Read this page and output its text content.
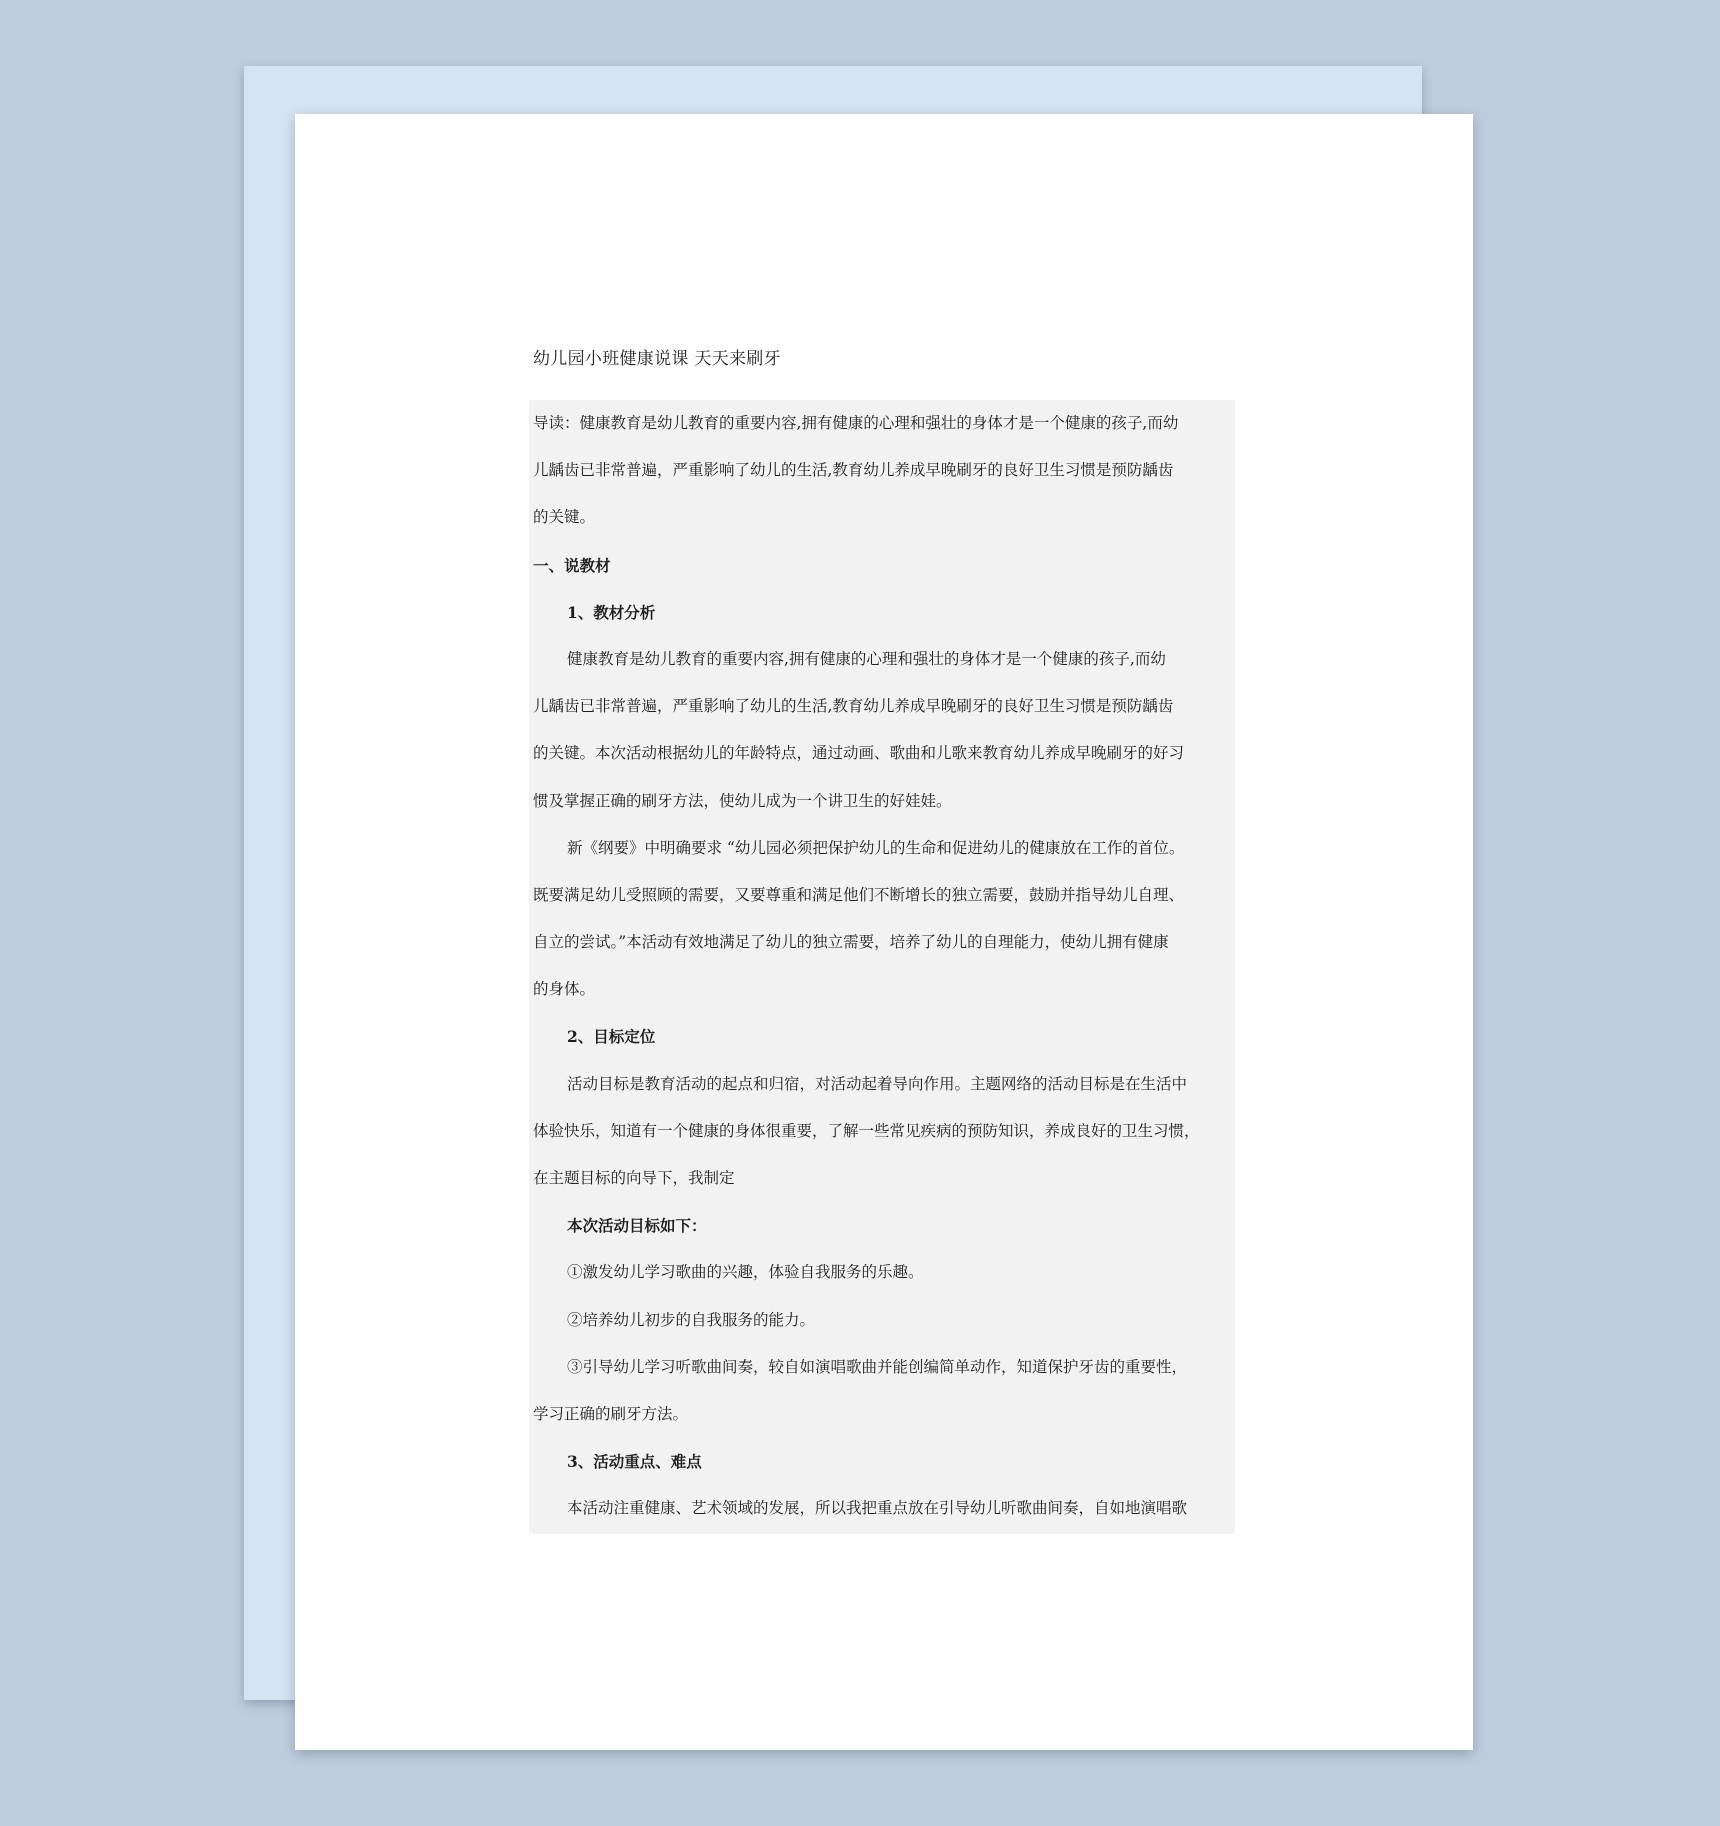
幼儿园小班健康说课 天天来刷牙
导读：健康教育是幼儿教育的重要内容,拥有健康的心理和强壮的身体才是一个健康的孩子,而幼
儿龋齿已非常普遍，严重影响了幼儿的生活,教育幼儿养成早晚刷牙的良好卫生习惯是预防龋齿
的关键。
一、说教材
1、教材分析
健康教育是幼儿教育的重要内容,拥有健康的心理和强壮的身体才是一个健康的孩子,而幼
儿龋齿已非常普遍，严重影响了幼儿的生活,教育幼儿养成早晚刷牙的良好卫生习惯是预防龋齿
的关键。本次活动根据幼儿的年龄特点，通过动画、歌曲和儿歌来教育幼儿养成早晚刷牙的好习
惯及掌握正确的刷牙方法，使幼儿成为一个讲卫生的好娃娃。
新《纲要》中明确要求 “幼儿园必须把保护幼儿的生命和促进幼儿的健康放在工作的首位。
既要满足幼儿受照顾的需要，又要尊重和满足他们不断增长的独立需要，鼓励并指导幼儿自理、
自立的尝试。”本活动有效地满足了幼儿的独立需要，培养了幼儿的自理能力，使幼儿拥有健康
的身体。
2、目标定位
活动目标是教育活动的起点和归宿，对活动起着导向作用。主题网络的活动目标是在生活中
体验快乐，知道有一个健康的身体很重要，了解一些常见疾病的预防知识，养成良好的卫生习惯，
在主题目标的向导下，我制定
本次活动目标如下：
①激发幼儿学习歌曲的兴趣，体验自我服务的乐趣。
②培养幼儿初步的自我服务的能力。
③引导幼儿学习听歌曲间奏，较自如演唱歌曲并能创编简单动作，知道保护牙齿的重要性，
学习正确的刷牙方法。
3、活动重点、难点
本活动注重健康、艺术领域的发展，所以我把重点放在引导幼儿听歌曲间奏，自如地演唱歌
